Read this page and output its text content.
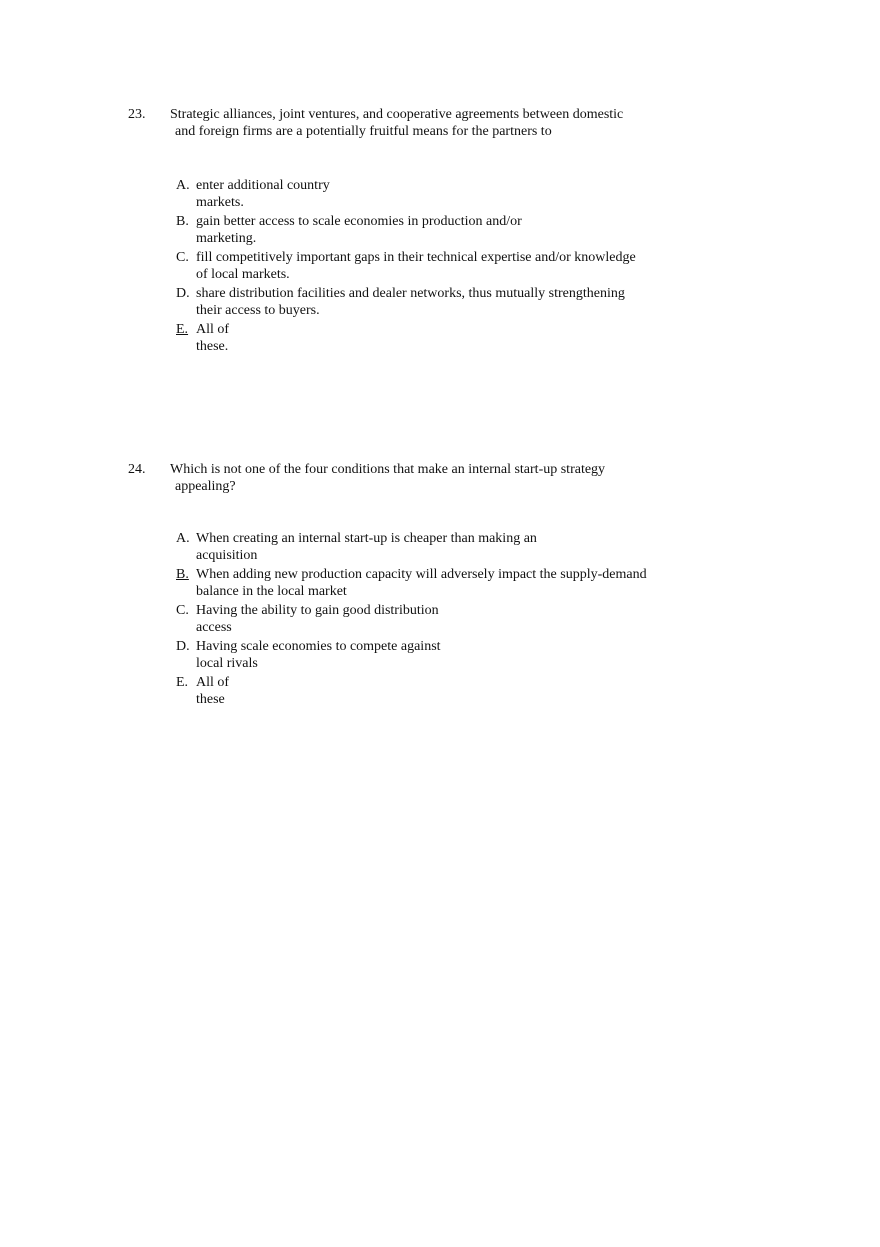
23.	Strategic alliances, joint ventures, and cooperative agreements between domestic
and foreign firms are a potentially fruitful means for the partners to
A. enter additional country
markets.
B. gain better access to scale economies in production and/or
marketing.
C. fill competitively important gaps in their technical expertise and/or knowledge
of local markets.
D. share distribution facilities and dealer networks, thus mutually strengthening
their access to buyers.
E. All of
these.
24.	Which is not one of the four conditions that make an internal start-up strategy
appealing?
A. When creating an internal start-up is cheaper than making an
acquisition
B. When adding new production capacity will adversely impact the supply-demand
balance in the local market
C. Having the ability to gain good distribution
access
D. Having scale economies to compete against
local rivals
E. All of
these
